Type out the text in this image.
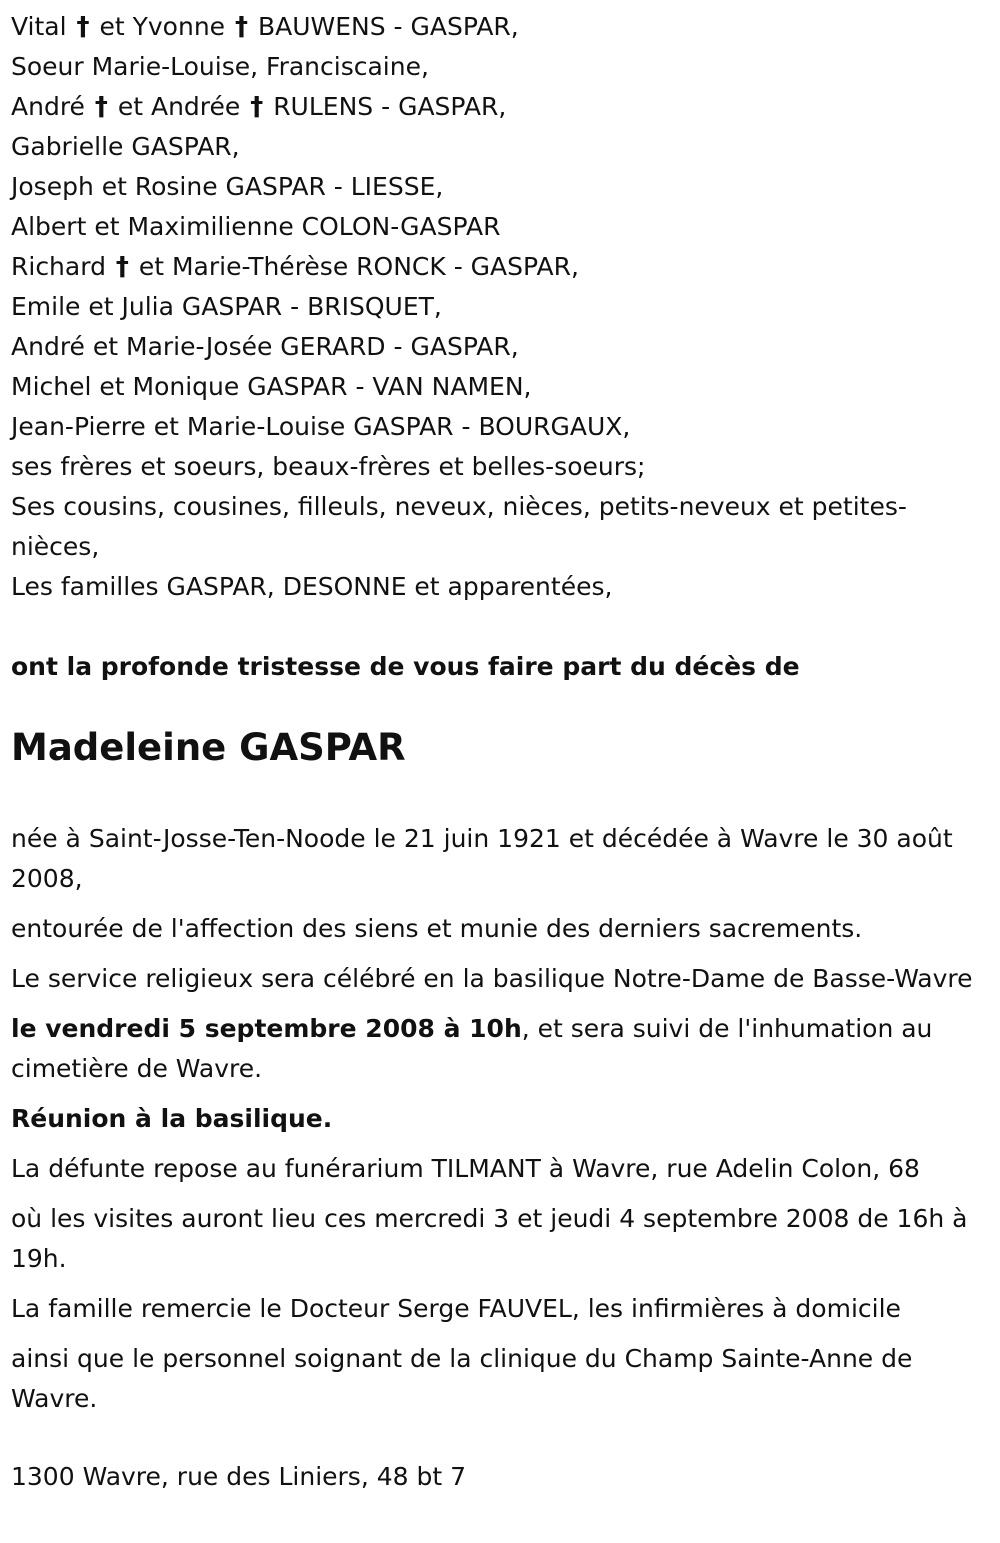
Vital † et Yvonne † BAUWENS - GASPAR,

Soeur Marie-Louise, Franciscaine,

André † et Andrée † RULENS - GASPAR,

Gabrielle GASPAR,

Joseph et Rosine GASPAR - LIESSE,

Albert et Maximilienne COLON-GASPAR

Richard † et Marie-Thérèse RONCK - GASPAR,

Emile et Julia GASPAR - BRISQUET,

André et Marie-Josée GERARD - GASPAR,

Michel et Monique GASPAR - VAN NAMEN,

Jean-Pierre et Marie-Louise GASPAR - BOURGAUX,

ses frères et soeurs, beaux-frères et belles-soeurs;

Ses cousins, cousines, filleuls, neveux, nièces, petits-neveux et petites-nièces,

Les familles GASPAR, DESONNE et apparentées,

ont la profonde tristesse de vous faire part du décès de
Madeleine GASPAR

née à Saint-Josse-Ten-Noode le 21 juin 1921 et décédée à Wavre le 30 août 2008,

entourée de l'affection des siens et munie des derniers sacrements.

Le service religieux sera célébré en la basilique Notre-Dame de Basse-Wavre

le vendredi 5 septembre 2008 à 10h, et sera suivi de l'inhumation au cimetière de Wavre.

Réunion à la basilique.

La défunte repose au funérarium TILMANT à Wavre, rue Adelin Colon, 68

où les visites auront lieu ces mercredi 3 et jeudi 4 septembre 2008 de 16h à 19h.

La famille remercie le Docteur Serge FAUVEL, les infirmières à domicile

ainsi que le personnel soignant de la clinique du Champ Sainte-Anne de Wavre.

1300 Wavre, rue des Liniers, 48 bt 7
